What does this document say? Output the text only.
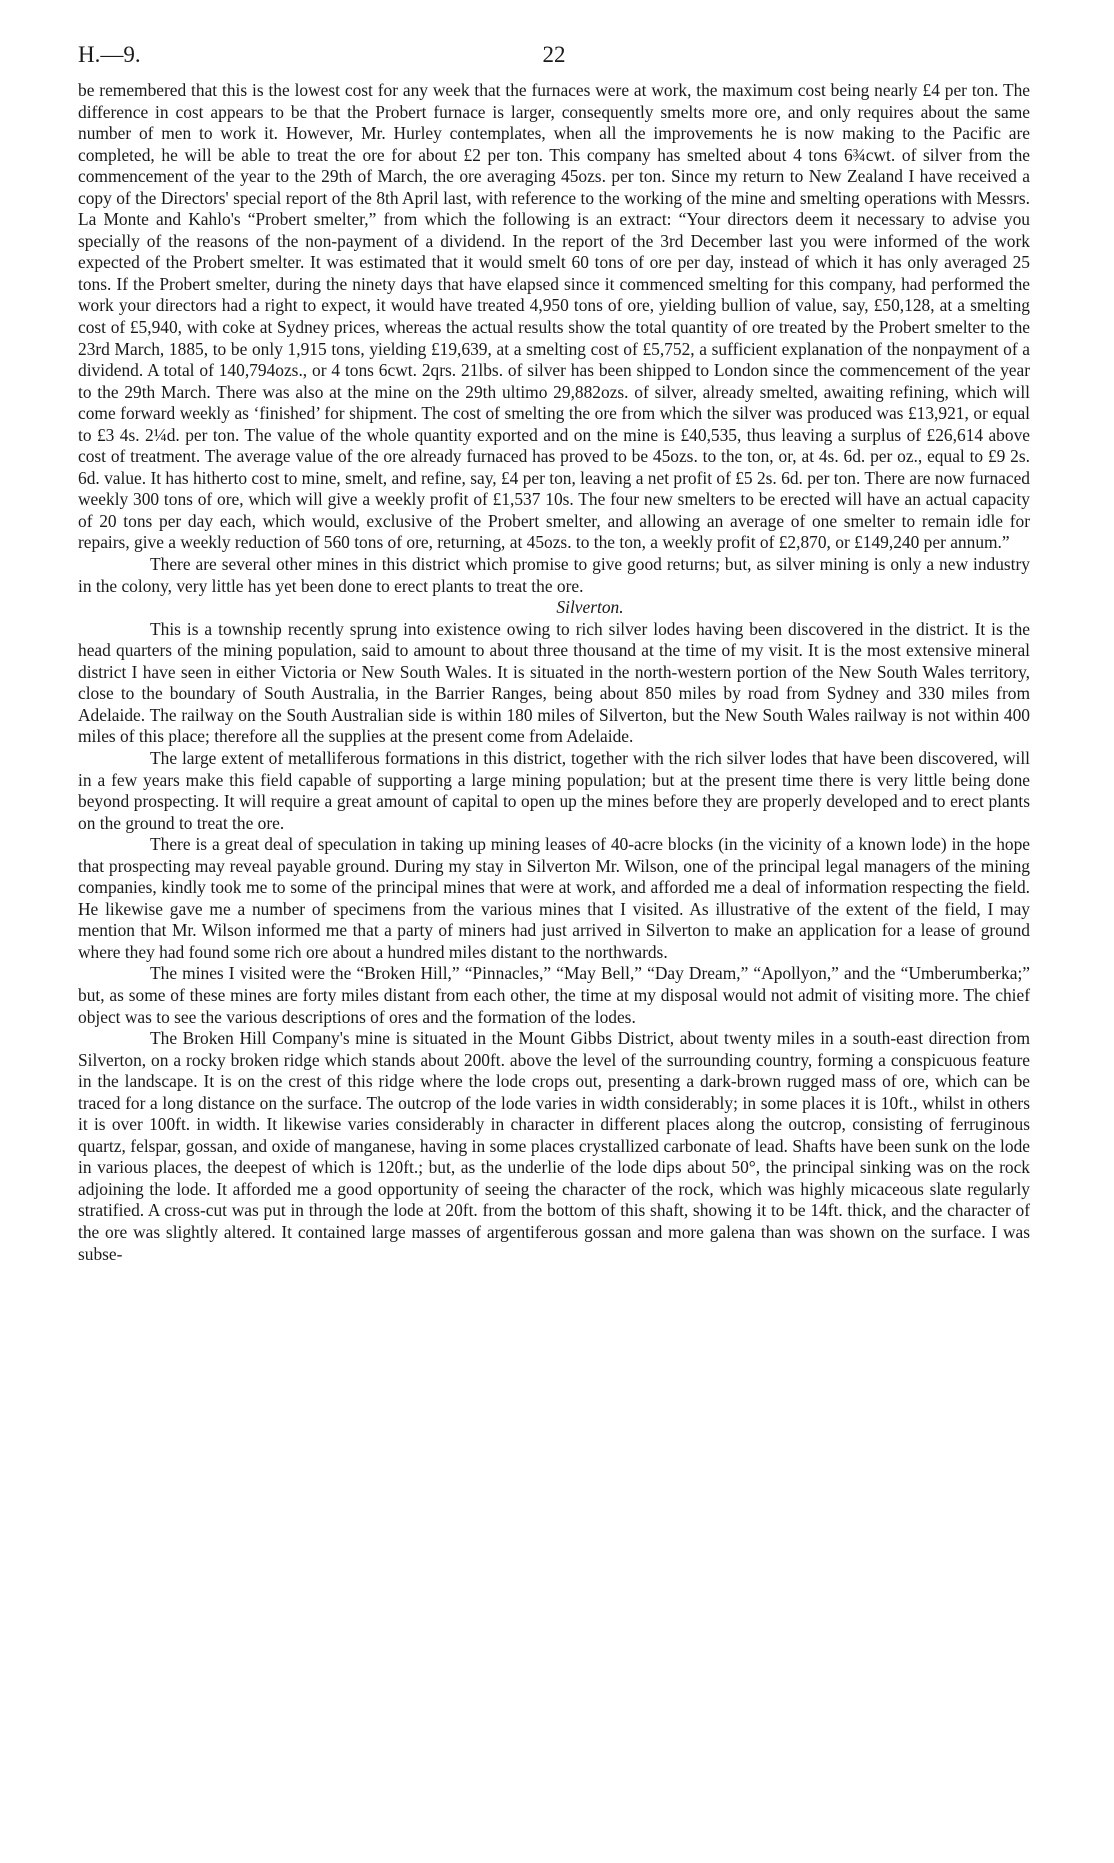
H.—9.	22

be remembered that this is the lowest cost for any week that the furnaces were at work, the maximum cost being nearly £4 per ton. The difference in cost appears to be that the Probert furnace is larger, consequently smelts more ore, and only requires about the same number of men to work it. However, Mr. Hurley contemplates, when all the improvements he is now making to the Pacific are completed, he will be able to treat the ore for about £2 per ton. This company has smelted about 4 tons 6¾cwt. of silver from the commencement of the year to the 29th of March, the ore averaging 45ozs. per ton. Since my return to New Zealand I have received a copy of the Directors' special report of the 8th April last, with reference to the working of the mine and smelting operations with Messrs. La Monte and Kahlo's “Probert smelter,” from which the following is an extract: “Your directors deem it necessary to advise you specially of the reasons of the non-payment of a dividend. In the report of the 3rd December last you were informed of the work expected of the Probert smelter. It was estimated that it would smelt 60 tons of ore per day, instead of which it has only averaged 25 tons. If the Probert smelter, during the ninety days that have elapsed since it commenced smelting for this company, had performed the work your directors had a right to expect, it would have treated 4,950 tons of ore, yielding bullion of value, say, £50,128, at a smelting cost of £5,940, with coke at Sydney prices, whereas the actual results show the total quantity of ore treated by the Probert smelter to the 23rd March, 1885, to be only 1,915 tons, yielding £19,639, at a smelting cost of £5,752, a sufficient explanation of the nonpayment of a dividend. A total of 140,794ozs., or 4 tons 6cwt. 2qrs. 21lbs. of silver has been shipped to London since the commencement of the year to the 29th March. There was also at the mine on the 29th ultimo 29,882ozs. of silver, already smelted, awaiting refining, which will come forward weekly as ‘finished’ for shipment. The cost of smelting the ore from which the silver was produced was £13,921, or equal to £3 4s. 2¼d. per ton. The value of the whole quantity exported and on the mine is £40,535, thus leaving a surplus of £26,614 above cost of treatment. The average value of the ore already furnaced has proved to be 45ozs. to the ton, or, at 4s. 6d. per oz., equal to £9 2s. 6d. value. It has hitherto cost to mine, smelt, and refine, say, £4 per ton, leaving a net profit of £5 2s. 6d. per ton. There are now furnaced weekly 300 tons of ore, which will give a weekly profit of £1,537 10s. The four new smelters to be erected will have an actual capacity of 20 tons per day each, which would, exclusive of the Probert smelter, and allowing an average of one smelter to remain idle for repairs, give a weekly reduction of 560 tons of ore, returning, at 45ozs. to the ton, a weekly profit of £2,870, or £149,240 per annum.”

There are several other mines in this district which promise to give good returns; but, as silver mining is only a new industry in the colony, very little has yet been done to erect plants to treat the ore.

Silverton.

This is a township recently sprung into existence owing to rich silver lodes having been discovered in the district. It is the head quarters of the mining population, said to amount to about three thousand at the time of my visit. It is the most extensive mineral district I have seen in either Victoria or New South Wales. It is situated in the north-western portion of the New South Wales territory, close to the boundary of South Australia, in the Barrier Ranges, being about 850 miles by road from Sydney and 330 miles from Adelaide. The railway on the South Australian side is within 180 miles of Silverton, but the New South Wales railway is not within 400 miles of this place; therefore all the supplies at the present come from Adelaide.

The large extent of metalliferous formations in this district, together with the rich silver lodes that have been discovered, will in a few years make this field capable of supporting a large mining population; but at the present time there is very little being done beyond prospecting. It will require a great amount of capital to open up the mines before they are properly developed and to erect plants on the ground to treat the ore.

There is a great deal of speculation in taking up mining leases of 40-acre blocks (in the vicinity of a known lode) in the hope that prospecting may reveal payable ground. During my stay in Silverton Mr. Wilson, one of the principal legal managers of the mining companies, kindly took me to some of the principal mines that were at work, and afforded me a deal of information respecting the field. He likewise gave me a number of specimens from the various mines that I visited. As illustrative of the extent of the field, I may mention that Mr. Wilson informed me that a party of miners had just arrived in Silverton to make an application for a lease of ground where they had found some rich ore about a hundred miles distant to the northwards.

The mines I visited were the “Broken Hill,” “Pinnacles,” “May Bell,” “Day Dream,” “Apollyon,” and the “Umberumberka;” but, as some of these mines are forty miles distant from each other, the time at my disposal would not admit of visiting more. The chief object was to see the various descriptions of ores and the formation of the lodes.

The Broken Hill Company's mine is situated in the Mount Gibbs District, about twenty miles in a south-east direction from Silverton, on a rocky broken ridge which stands about 200ft. above the level of the surrounding country, forming a conspicuous feature in the landscape. It is on the crest of this ridge where the lode crops out, presenting a dark-brown rugged mass of ore, which can be traced for a long distance on the surface. The outcrop of the lode varies in width considerably; in some places it is 10ft., whilst in others it is over 100ft. in width. It likewise varies considerably in character in different places along the outcrop, consisting of ferruginous quartz, felspar, gossan, and oxide of manganese, having in some places crystallized carbonate of lead. Shafts have been sunk on the lode in various places, the deepest of which is 120ft.; but, as the underlie of the lode dips about 50°, the principal sinking was on the rock adjoining the lode. It afforded me a good opportunity of seeing the character of the rock, which was highly micaceous slate regularly stratified. A cross-cut was put in through the lode at 20ft. from the bottom of this shaft, showing it to be 14ft. thick, and the character of the ore was slightly altered. It contained large masses of argentiferous gossan and more galena than was shown on the surface. I was subse-
